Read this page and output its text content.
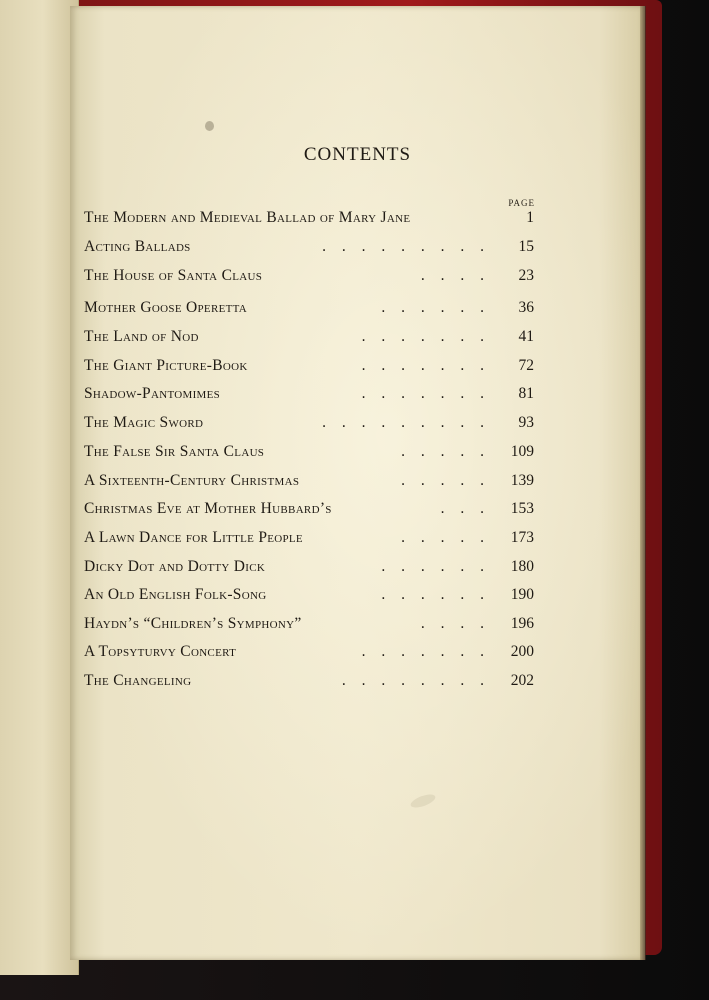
CONTENTS
PAGE
The Modern and Medieval Ballad of Mary Jane	1
Acting Ballads	. . . . . . . . . 15
The House of Santa Claus	. . . . 23
Mother Goose Operetta	. . . . . . 36
The Land of Nod	. . . . . . . 41
The Giant Picture-Book	. . . . . . . 72
Shadow-Pantomimes	. . . . . . . 81
The Magic Sword	. . . . . . . . . 93
The False Sir Santa Claus	. . . . . 109
A Sixteenth-Century Christmas	. . . . . 139
Christmas Eve at Mother Hubbard’s	. . . 153
A Lawn Dance for Little People	. . . . . 173
Dicky Dot and Dotty Dick	. . . . . . 180
An Old English Folk-Song	. . . . . . 190
Haydn’s “Children’s Symphony”	. . . . 196
A Topsyturvy Concert	. . . . . . . 200
The Changeling	. . . . . . . . 202
